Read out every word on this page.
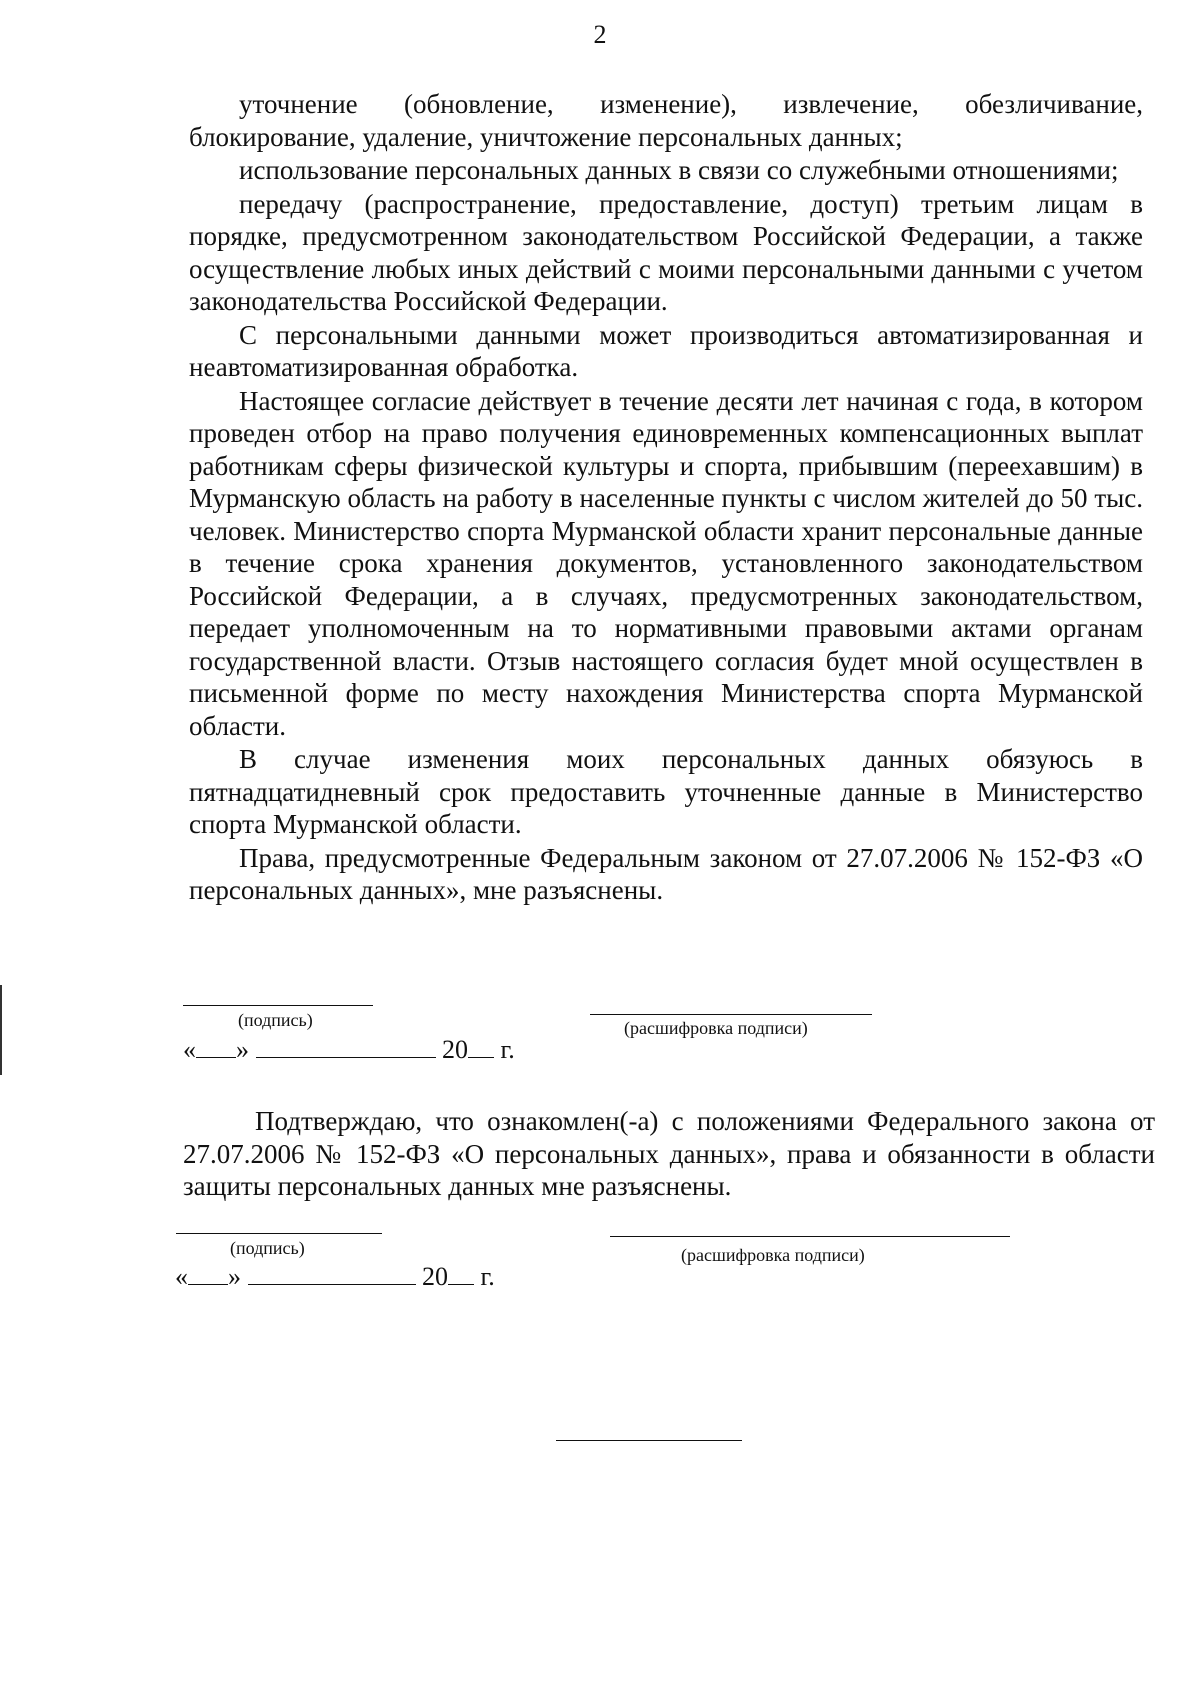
2

уточнение (обновление, изменение), извлечение, обезличивание, блокирование, удаление, уничтожение персональных данных;

использование персональных данных в связи со служебными отношениями;

передачу (распространение, предоставление, доступ) третьим лицам в порядке, предусмотренном законодательством Российской Федерации, а также осуществление любых иных действий с моими персональными данными с учетом законодательства Российской Федерации.

С персональными данными может производиться автоматизированная и неавтоматизированная обработка.

Настоящее согласие действует в течение десяти лет начиная с года, в котором проведен отбор на право получения единовременных компенсационных выплат работникам сферы физической культуры и спорта, прибывшим (переехавшим) в Мурманскую область на работу в населенные пункты с числом жителей до 50 тыс. человек. Министерство спорта Мурманской области хранит персональные данные в течение срока хранения документов, установленного законодательством Российской Федерации, а в случаях, предусмотренных законодательством, передает уполномоченным на то нормативными правовыми актами органам государственной власти. Отзыв настоящего согласия будет мной осуществлен в письменной форме по месту нахождения Министерства спорта Мурманской области.

В случае изменения моих персональных данных обязуюсь в пятнадцатидневный срок предоставить уточненные данные в Министерство спорта Мурманской области.

Права, предусмотренные Федеральным законом от 27.07.2006 № 152-ФЗ «О персональных данных», мне разъяснены.

(подпись)	(расшифровка подписи)
« »	20 г.

Подтверждаю, что ознакомлен(-а) с положениями Федерального закона от 27.07.2006 № 152-ФЗ «О персональных данных», права и обязанности в области защиты персональных данных мне разъяснены.

(подпись)	(расшифровка подписи)
« »	20 г.
